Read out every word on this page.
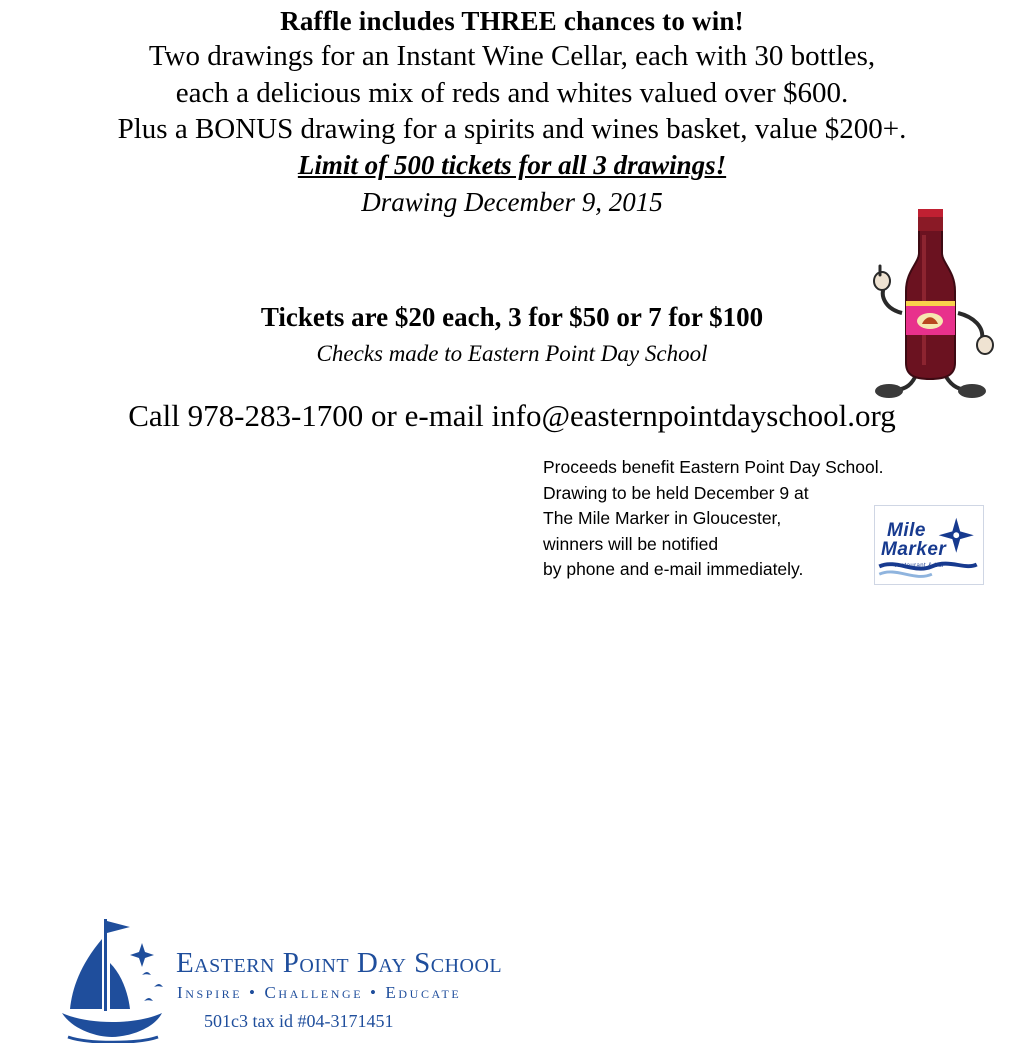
Raffle includes THREE chances to win!
Two drawings for an Instant Wine Cellar, each with 30 bottles,
each a delicious mix of reds and whites valued over $600.
Plus a BONUS drawing for a spirits and wines basket, value $200+.
Limit of 500 tickets for all 3 drawings!
Drawing December 9, 2015
Tickets are $20 each, 3 for $50 or 7 for $100
Checks made to Eastern Point Day School
Call 978-283-1700 or e-mail info@easternpointdayschool.org
Proceeds benefit Eastern Point Day School.
Drawing to be held December 9 at
The Mile Marker in Gloucester,
winners will be notified
by phone and e-mail immediately.
Eastern Point Day School
Inspire • Challenge • Educate
501c3 tax id #04-3171451
Mile
Marker
restaurant & bar
